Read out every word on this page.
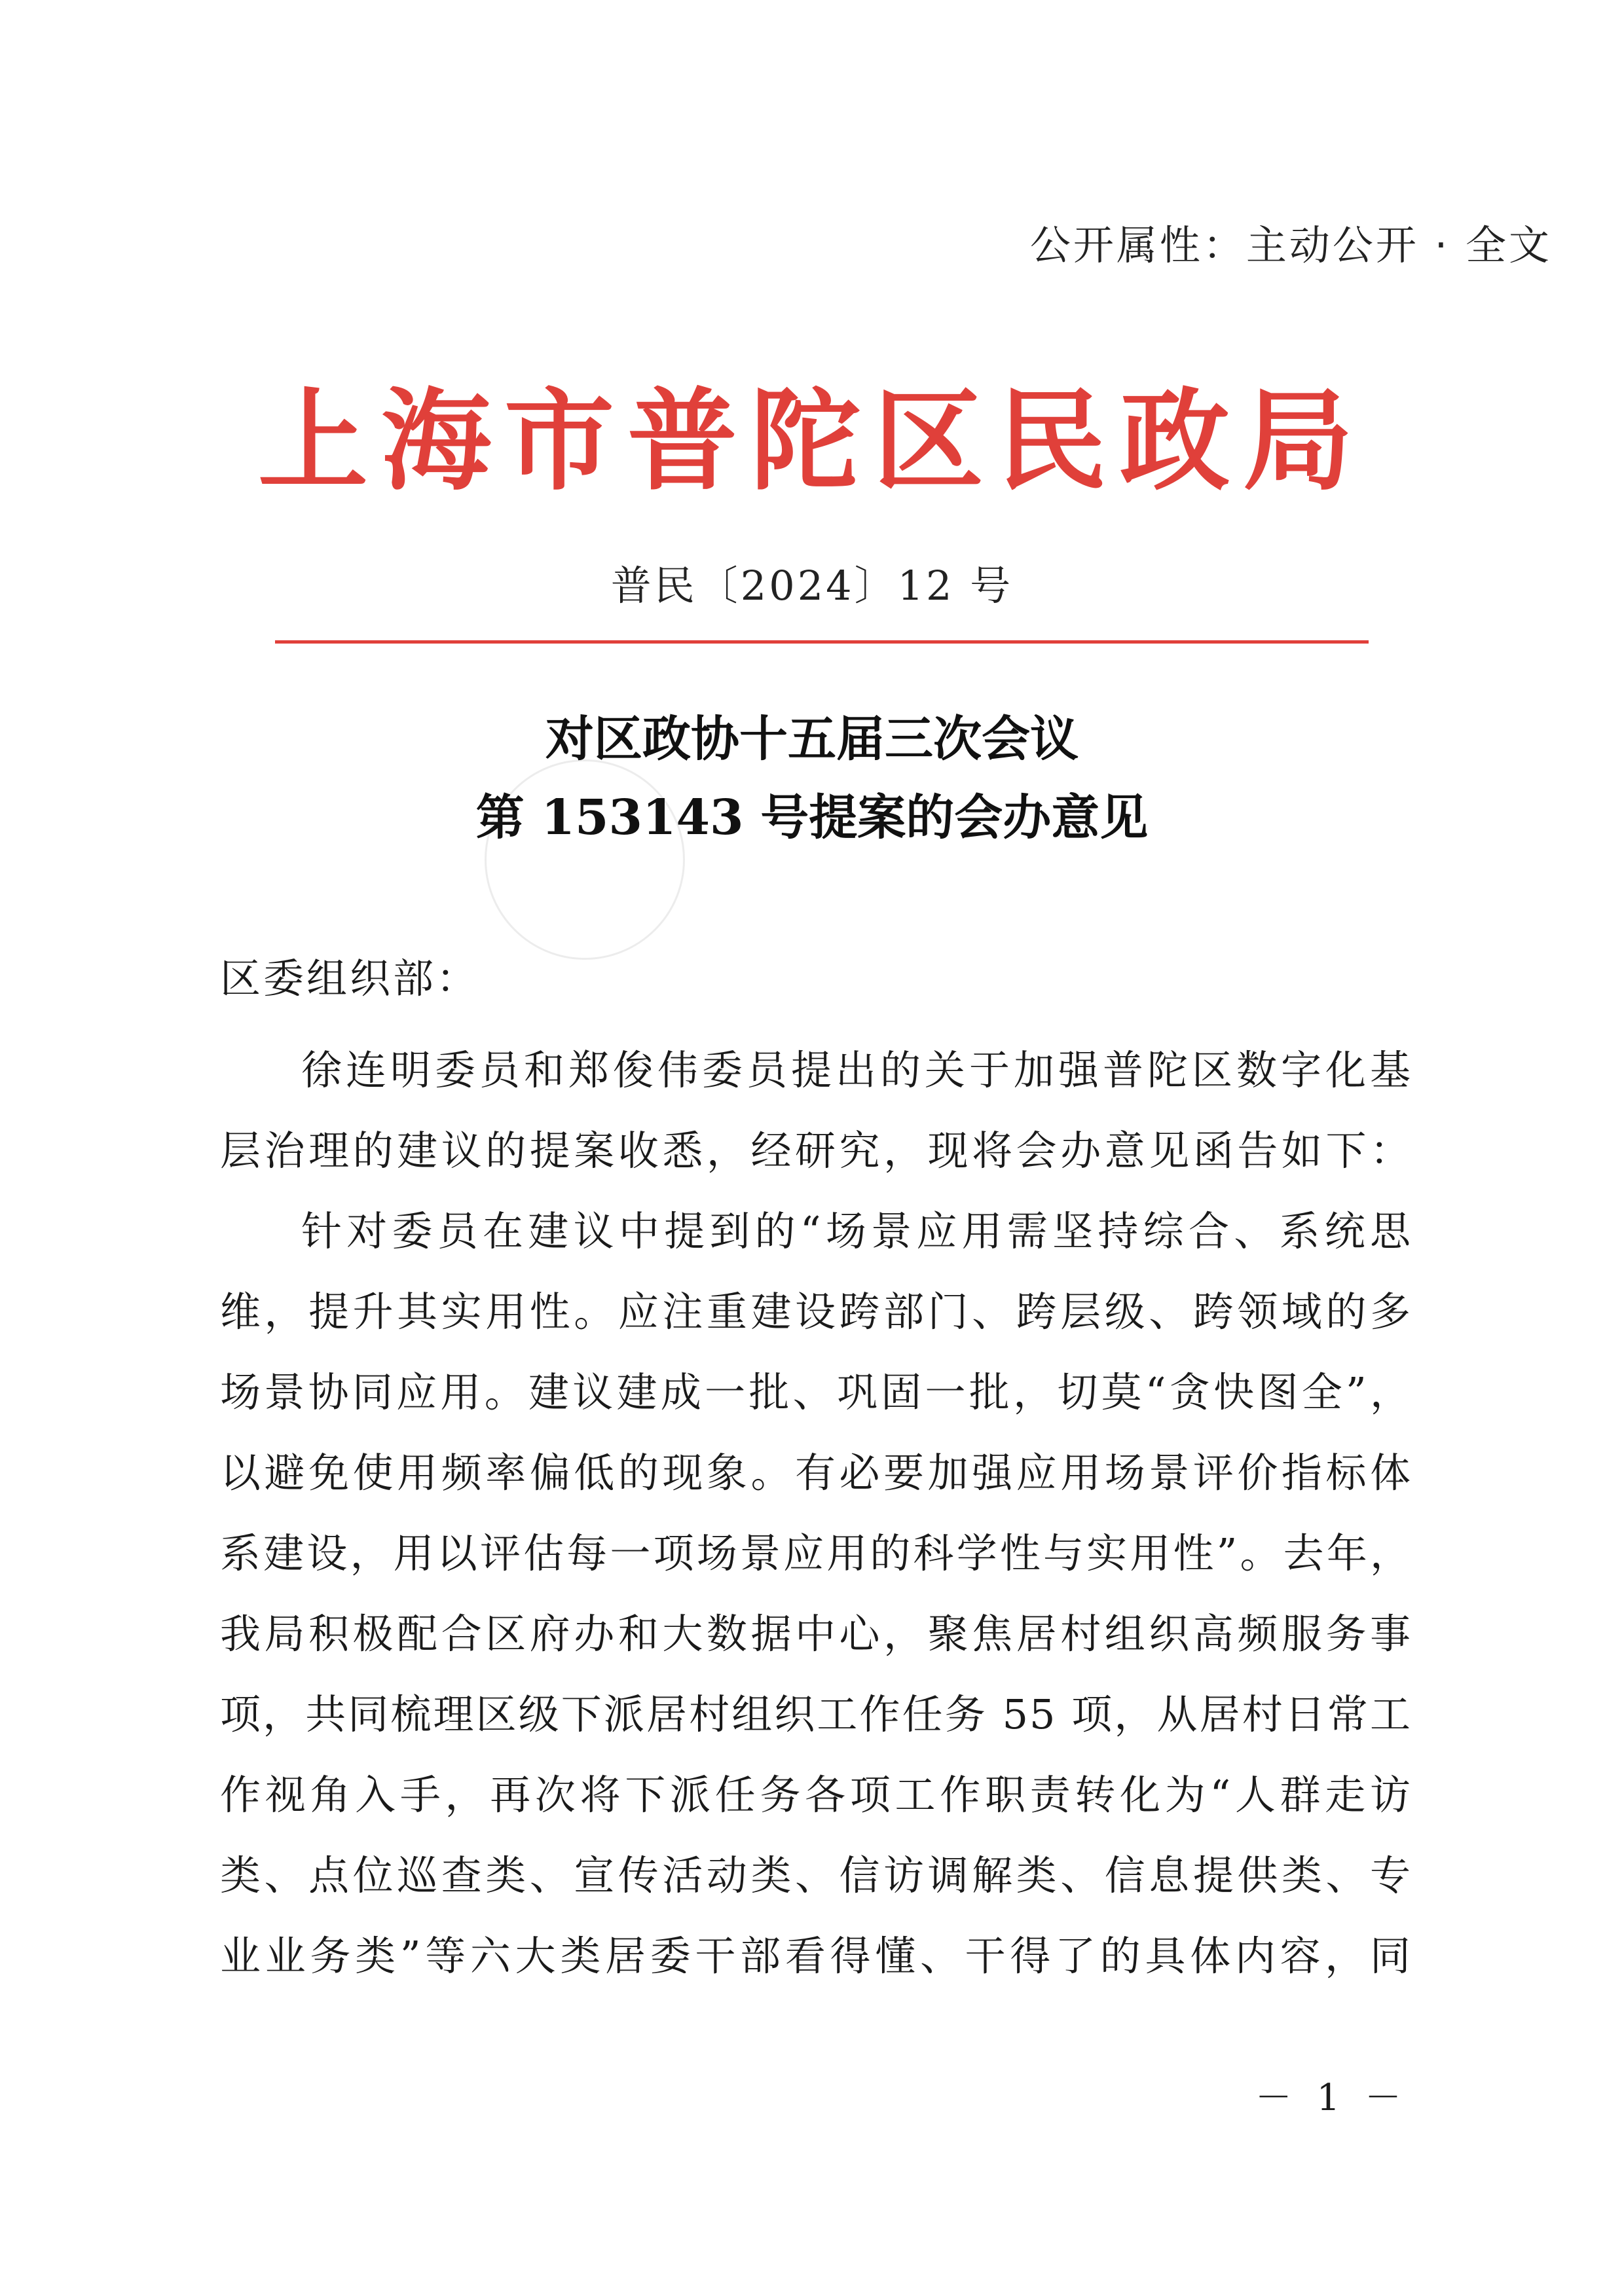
公开属性：主动公开 · 全文
上海市普陀区民政局
普民〔2024〕12 号
对区政协十五届三次会议
第 153143 号提案的会办意见
区委组织部：
徐连明委员和郑俊伟委员提出的关于加强普陀区数字化基
层治理的建议的提案收悉，经研究，现将会办意见函告如下：
针对委员在建议中提到的“场景应用需坚持综合、系统思
维，提升其实用性。应注重建设跨部门、跨层级、跨领域的多
场景协同应用。建议建成一批、巩固一批，切莫“贪快图全”，
以避免使用频率偏低的现象。有必要加强应用场景评价指标体
系建设，用以评估每一项场景应用的科学性与实用性”。去年，
我局积极配合区府办和大数据中心，聚焦居村组织高频服务事
项，共同梳理区级下派居村组织工作任务 55 项，从居村日常工
作视角入手，再次将下派任务各项工作职责转化为“人群走访
类、点位巡查类、宣传活动类、信访调解类、信息提供类、专
业业务类”等六大类居委干部看得懂、干得了的具体内容，同
－ 1 －
